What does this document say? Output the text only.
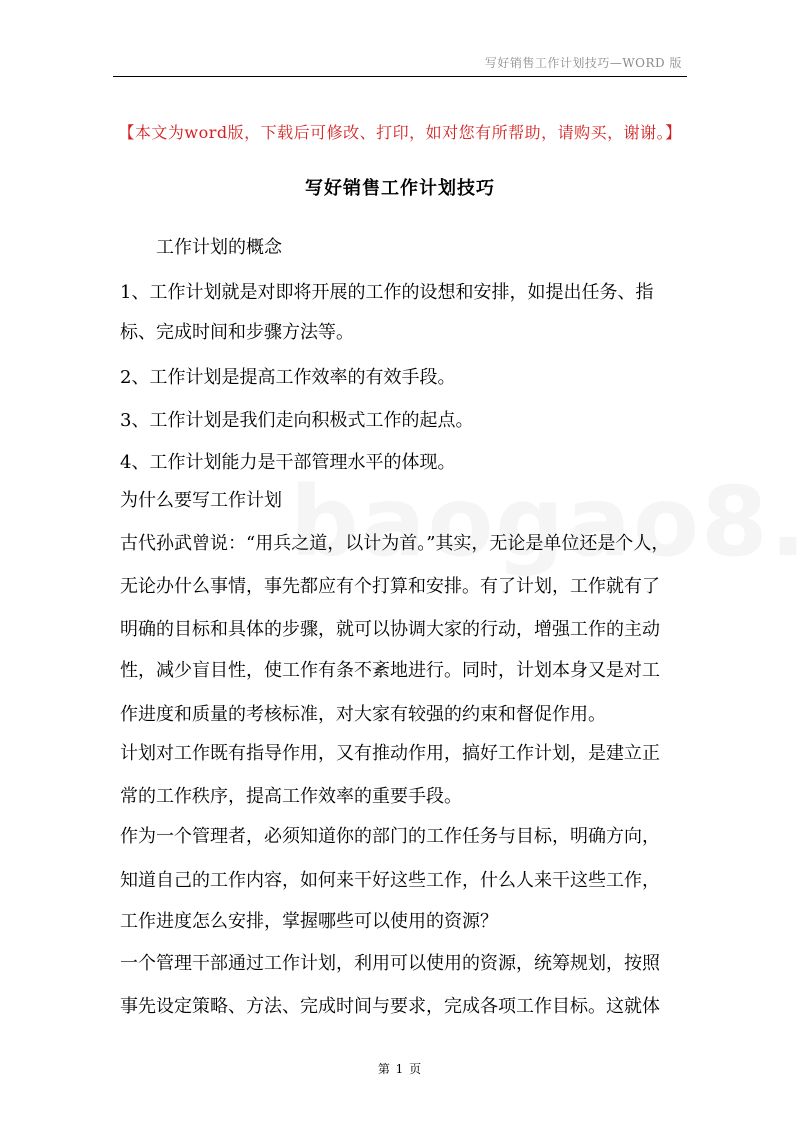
写好销售工作计划技巧—WORD 版
【本文为word版，下载后可修改、打印，如对您有所帮助，请购买，谢谢。】
写好销售工作计划技巧
工作计划的概念
1、工作计划就是对即将开展的工作的设想和安排，如提出任务、指
标、完成时间和步骤方法等。
2、工作计划是提高工作效率的有效手段。
3、工作计划是我们走向积极式工作的起点。
4、工作计划能力是干部管理水平的体现。
为什么要写工作计划
古代孙武曾说：“用兵之道，以计为首。”其实，无论是单位还是个人，
无论办什么事情，事先都应有个打算和安排。有了计划，工作就有了
明确的目标和具体的步骤，就可以协调大家的行动，增强工作的主动
性，减少盲目性，使工作有条不紊地进行。同时，计划本身又是对工
作进度和质量的考核标准，对大家有较强的约束和督促作用。
计划对工作既有指导作用，又有推动作用，搞好工作计划，是建立正
常的工作秩序，提高工作效率的重要手段。
作为一个管理者，必须知道你的部门的工作任务与目标，明确方向，
知道自己的工作内容，如何来干好这些工作，什么人来干这些工作，
工作进度怎么安排，掌握哪些可以使用的资源？
一个管理干部通过工作计划，利用可以使用的资源，统筹规划，按照
事先设定策略、方法、完成时间与要求，完成各项工作目标。这就体
第 1 页
